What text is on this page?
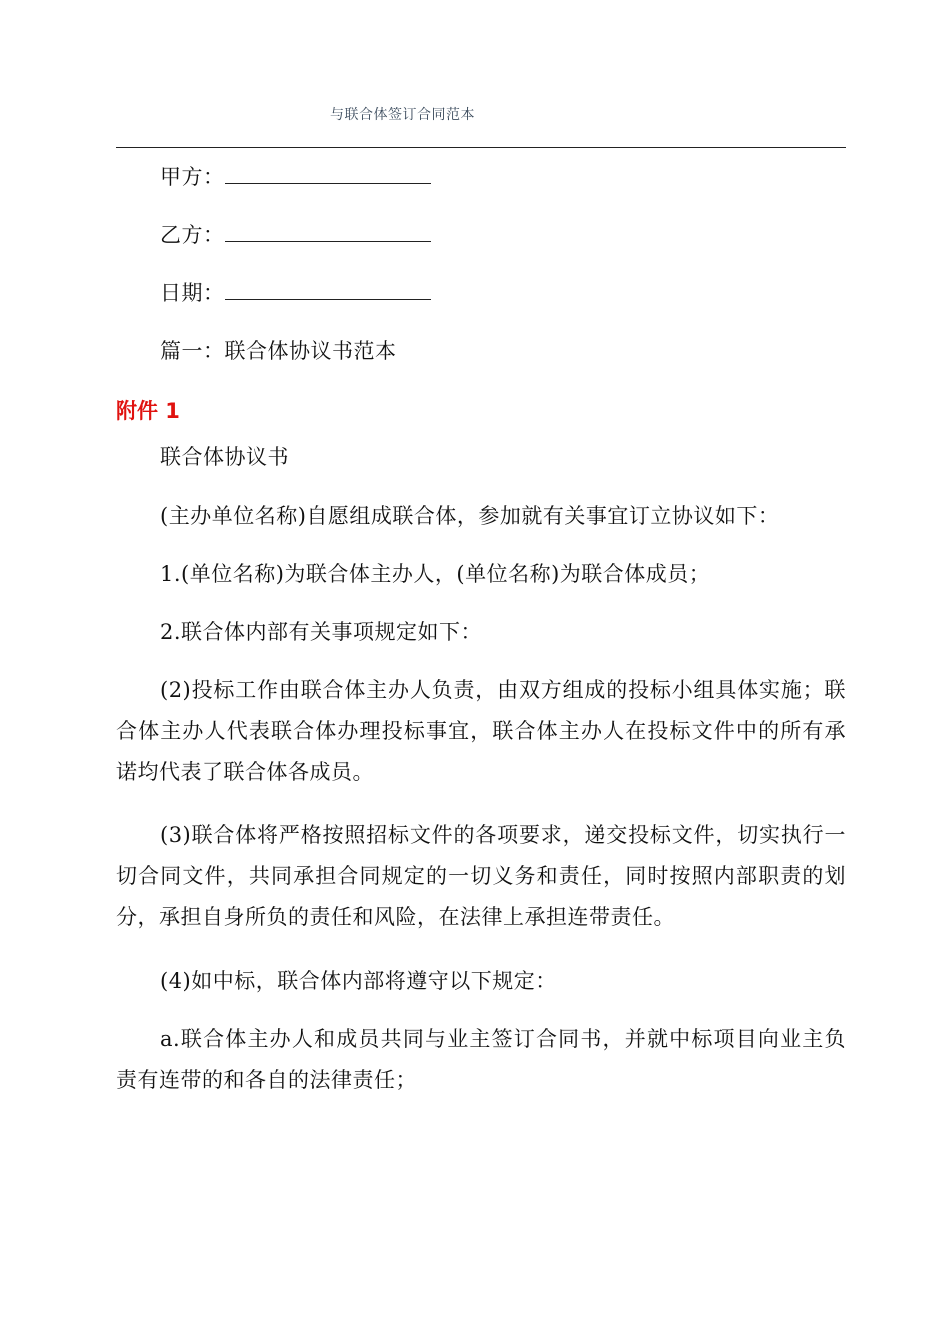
与联合体签订合同范本
甲方：
乙方：
日期：
篇一：联合体协议书范本
附件 1
联合体协议书
(主办单位名称)自愿组成联合体，参加就有关事宜订立协议如下：
1.(单位名称)为联合体主办人，(单位名称)为联合体成员；
2.联合体内部有关事项规定如下：
(2)投标工作由联合体主办人负责，由双方组成的投标小组具体实施；联合体主办人代表联合体办理投标事宜，联合体主办人在投标文件中的所有承诺均代表了联合体各成员。
(3)联合体将严格按照招标文件的各项要求，递交投标文件，切实执行一切合同文件，共同承担合同规定的一切义务和责任，同时按照内部职责的划分，承担自身所负的责任和风险，在法律上承担连带责任。
(4)如中标，联合体内部将遵守以下规定：
a.联合体主办人和成员共同与业主签订合同书，并就中标项目向业主负责有连带的和各自的法律责任；
